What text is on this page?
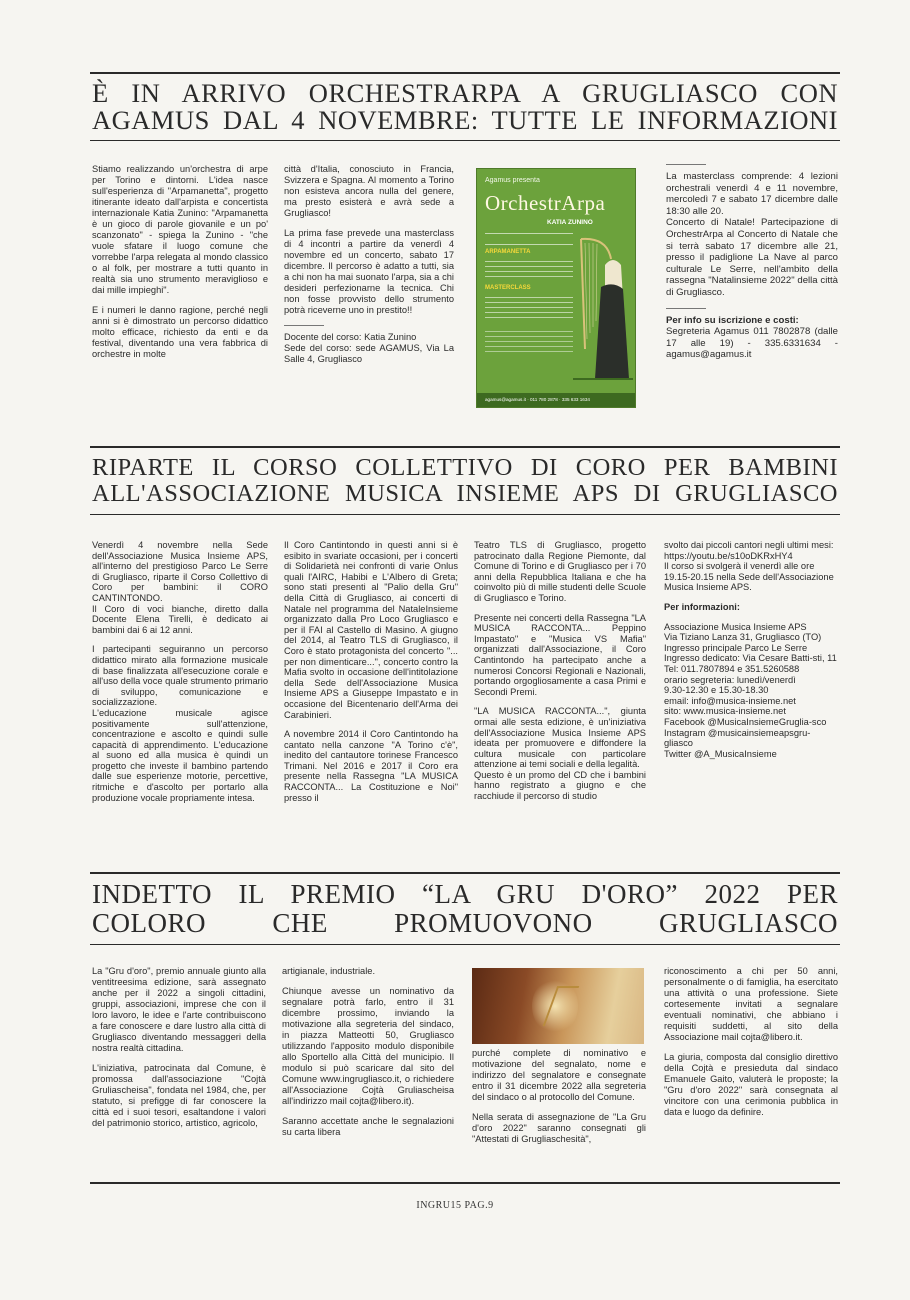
È IN ARRIVO ORCHESTRARPA A GRUGLIASCO CON

AGAMUS DAL 4 NOVEMBRE: TUTTE LE INFORMAZIONI

Stiamo realizzando un'orchestra di arpe per Torino e dintorni. L'idea nasce sull'esperienza di "Arpamanetta", progetto itinerante ideato dall'arpista e concertista internazionale Katia Zunino: "Arpamanetta è un gioco di parole giovanile e un po' scanzonato" - spiega la Zunino - "che vuole sfatare il luogo comune che vorrebbe l'arpa relegata al mondo classico o al folk, per mostrare a tutti quanto in realtà sia uno strumento meraviglioso e dai mille impieghi".

E i numeri le danno ragione, perché negli anni si è dimostrato un percorso didattico molto efficace, richiesto da enti e da festival, diventando una vera fabbrica di orchestre in molte

città d'Italia, conosciuto in Francia, Svizzera e Spagna. Al momento a Torino non esisteva ancora nulla del genere, ma presto esisterà e avrà sede a Grugliasco!

La prima fase prevede una masterclass di 4 incontri a partire da venerdì 4 novembre ed un concerto, sabato 17 dicembre. Il percorso è adatto a tutti, sia a chi non ha mai suonato l'arpa, sia a chi desideri perfezionarne la tecnica. Chi non fosse provvisto dello strumento potrà riceverne uno in prestito!!

Docente del corso: Katia Zunino

Sede del corso: sede AGAMUS, Via La Salle 4, Grugliasco

Agamus presenta
OrchestrArpa
KATIA ZUNINO
ARPAMANETTA
MASTERCLASS
agamus@agamus.it · 011 780 2878 · 335 633 1634

La masterclass comprende: 4 lezioni orchestrali venerdì 4 e 11 novembre, mercoledì 7 e sabato 17 dicembre dalle 18:30 alle 20.

Concerto di Natale! Partecipazione di OrchestrArpa al Concerto di Natale che si terrà sabato 17 dicembre alle 21, presso il padiglione La Nave al parco culturale Le Serre, nell'ambito della rassegna "Natalinsieme 2022" della città di Grugliasco.

Per info su iscrizione e costi:

Segreteria Agamus 011 7802878 (dalle 17 alle 19) - 335.6331634 - agamus@agamus.it

RIPARTE IL CORSO COLLETTIVO DI CORO PER BAMBINI

ALL'ASSOCIAZIONE MUSICA INSIEME APS DI GRUGLIASCO

Venerdì 4 novembre nella Sede dell'Associazione Musica Insieme APS, all'interno del prestigioso Parco Le Serre di Grugliasco, riparte il Corso Collettivo di Coro per bambini: il CORO CANTINTONDO.

Il Coro di voci bianche, diretto dalla Docente Elena Tirelli, è dedicato ai bambini dai 6 ai 12 anni.

I partecipanti seguiranno un percorso didattico mirato alla formazione musicale di base finalizzata all'esecuzione corale e all'uso della voce quale strumento primario di sviluppo, comunicazione e socializzazione.

L'educazione musicale agisce positivamente sull'attenzione, concentrazione e ascolto e quindi sulle capacità di apprendimento. L'educazione al suono ed alla musica è quindi un progetto che investe il bambino partendo dalle sue esperienze motorie, percettive, ritmiche e d'ascolto per portarlo alla produzione vocale propriamente intesa.

Il Coro Cantintondo in questi anni si è esibito in svariate occasioni, per i concerti di Solidarietà nei confronti di varie Onlus quali l'AIRC, Habibi e L'Albero di Greta; sono stati presenti al "Palio della Gru" della Città di Grugliasco, ai concerti di Natale nel programma del NatalеInsieme organizzato dalla Pro Loco Grugliasco e per il FAI al Castello di Masino. A giugno del 2014, al Teatro TLS di Grugliasco, il Coro è stato protagonista del concerto "... per non dimenticare...", concerto contro la Mafia svolto in occasione dell'intitolazione della Sede dell'Associazione Musica Insieme APS a Giuseppe Impastato e in occasione del Bicentenario dell'Arma dei Carabinieri.

A novembre 2014 il Coro Cantintondo ha cantato nella canzone "A Torino c'è", inedito del cantautore torinese Francesco Trimani. Nel 2016 e 2017 il Coro era presente nella Rassegna "LA MUSICA RACCONTA... La Costituzione e Noi" presso il

Teatro TLS di Grugliasco, progetto patrocinato dalla Regione Piemonte, dal Comune di Torino e di Grugliasco per i 70 anni della Repubblica Italiana e che ha coinvolto più di mille studenti delle Scuole di Grugliasco e Torino.

Presente nei concerti della Rassegna "LA MUSICA RACCONTA... Peppino Impastato" e "Musica VS Mafia" organizzati dall'Associazione, il Coro Cantintondo ha partecipato anche a numerosi Concorsi Regionali e Nazionali, portando orgogliosamente a casa Primi e Secondi Premi.

"LA MUSICA RACCONTA...", giunta ormai alle sesta edizione, è un'iniziativa dell'Associazione Musica Insieme APS ideata per promuovere e diffondere la cultura musicale con particolare attenzione ai temi sociali e della legalità.

Questo è un promo del CD che i bambini hanno registrato a giugno e che racchiude il percorso di studio

svolto dai piccoli cantori negli ultimi mesi:

https://youtu.be/s10oDKRxHY4

Il corso si svolgerà il venerdì alle ore 19.15-20.15 nella Sede dell'Associazione Musica Insieme APS.

Per informazioni:

Associazione Musica Insieme APS
Via Tiziano Lanza 31, Grugliasco (TO)
Ingresso principale Parco Le Serre
Ingresso dedicato: Via Cesare Batti-sti, 11
Tel: 011.7807894 e 351.5260588
orario segreteria: lunedì/venerdì
9.30-12.30 e 15.30-18.30
email: info@musica-insieme.net
sito: www.musica-insieme.net
Facebook @MusicaInsiemeGruglia-sco
Instagram @musicainsiemeapsgru-gliasco
Twitter @A_MusicaInsieme

INDETTO IL PREMIO “LA GRU D'ORO” 2022 PER

COLORO CHE PROMUOVONO GRUGLIASCO

La "Gru d'oro", premio annuale giunto alla ventitreesima edizione, sarà assegnato anche per il 2022 a singoli cittadini, gruppi, associazioni, imprese che con il loro lavoro, le idee e l'arte contribuiscono a fare conoscere e dare lustro alla città di Grugliasco diventando messaggeri della nostra realtà cittadina.

L'iniziativa, patrocinata dal Comune, è promossa dall'associazione "Cojtà Gruliascheisa", fondata nel 1984, che, per statuto, si prefigge di far conoscere la città ed i suoi tesori, esaltandone i valori del patrimonio storico, artistico, agricolo,

artigianale, industriale.

Chiunque avesse un nominativo da segnalare potrà farlo, entro il 31 dicembre prossimo, inviando la motivazione alla segreteria del sindaco, in piazza Matteotti 50, Grugliasco utilizzando l'apposito modulo disponibile allo Sportello alla Città del municipio. Il modulo si può scaricare dal sito del Comune www.ingrugliasco.it, o richiedere all'Associazione Cojtà Gruliascheisa all'indirizzo mail cojta@libero.it).

Saranno accettate anche le segnalazioni su carta libera

purché complete di nominativo e motivazione del segnalato, nome e indirizzo del segnalatore e consegnate entro il 31 dicembre 2022 alla segreteria del sindaco o al protocollo del Comune.

Nella serata di assegnazione de "La Gru d'oro 2022" saranno consegnati gli "Attestati di Grugliaschesità",

riconoscimento a chi per 50 anni, personalmente o di famiglia, ha esercitato una attività o una professione. Siete cortesemente invitati a segnalare eventuali nominativi, che abbiano i requisiti suddetti, al sito della Associazione mail cojta@libero.it.

La giuria, composta dal consiglio direttivo della Cojtà e presieduta dal sindaco Emanuele Gaito, valuterà le proposte; la "Gru d'oro 2022" sarà consegnata al vincitore con una cerimonia pubblica in data e luogo da definire.

INGRU15 PAG.9
